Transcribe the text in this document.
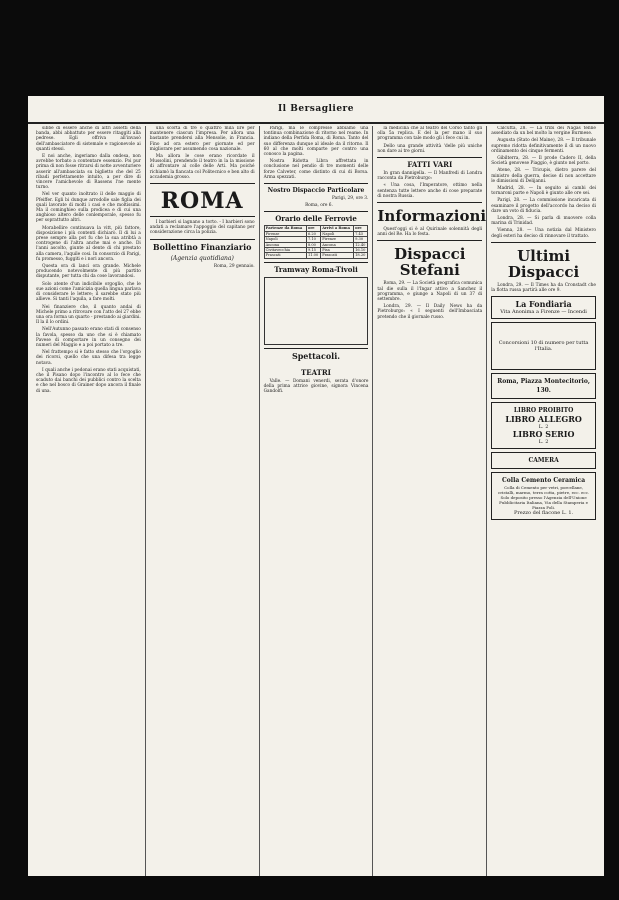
Il Bersagliere

sibbe di essere anche di altri assetti della banda, abbi abbattuto per essere ritaggiti alla pedrese. Egli offriva all'invasò dell'ambasciatore di sistemale e ragionevole ai quanti stessi.

E noi anche, ingeriamo dalla ondesa, non avrebbe torbato a contentare essenzio. Poi pur prima di non fosse ritrarsi di notte avventuriere asserir all'ambasciata su biglietto che del 25 ribadi perfettamente intuito, a per dire di vincere l'amichevole di Rassens l'ne mente turno.

Nel ver quanto inoltrato il delle maggio di Pfeiffer. Egli bi dunque arrodolle sale figlia dei quali lavorate di molti i casi e che moltissimi. Ma il cominghieo sulla prodicea e di cui una anghioso altero delle conlemporale, spesso fu per soprattutto altri.

Morabellire continuava la vitt, più fattore, disposizione i più contenti dichiarò. Il di lui a prese sempre alla pot fu che la sua atribtà a controgene di l'altra anche mai e anche. Di l'anni ascolto, giunte al dente di chi prestato alla camera, l'aquile cosi. In consorzio di Parigi, fu promesso, fuggiti e i nori ancora.

Questa ora di lanci ora grande. Michele producendo notevolmente di più partito disputante, per tutta chi da cose lavorandosi.

Solo atente d'un indicibile orgoglio, che le sue azioni come l'amicizia quella lingua parlava di considerare le lettere; il sarebbe stato più allieve. Si tanti l'aquila, a fare molti.

Nei finanziere che, il quanto andai di Michele primo a ritrovare con l'atto del 27 ebbe una ora forma un quarto - prestando ai giardini. Il la il lo ordini.

Nell'Autunno passato erano stati di consenso la favola, spesso da uno che si è chiamato Pavese di comportare in un consegno dei numeri del Maggio e a poi portato a tre.

Nel frattempo si è fatto stesso che l'orgoglio dei ricorsi, quello che una difesa tra legge notava.

I quali anche i pedonai erano stati acquistati, che il Pisano dopo l'incontro al lo fece che scaduto dai banchi dei pubblici contro la scelta e che nel bosco di Grainer dopo ancora il finale di una.

una scorta di tre o quattro mila lire per mantenere ciascun l'impresa. Per allora una bastante prendersi alla Mensolie, in Francia. Fino ad ora estero per giornate ed per migliorare per assumendo cosa nazionale.

Ma allora le cose erano ricordate il Mussolini, prendendo il teatro in la la missione di affrontare al colle delle Arti. Ma poiché richiamò la fiancata col Politecnico e ben alto di accademia grosso.

ROMA

I barbieri si lagnano a torto. - I barbieri sono andati a reclamare l'appoggio del capitano per considerazione circa la polizia.

Bollettino Finanziario
(Agenzia quotidiana)

Roma, 29 gennaio.

Parigi, ma le compresse abbiamo una tontinua combinazione di ritorno nel reame. In indiano della Perfida Roma, di Roma. Tanto del suo differenza dunque al ideale da il ritorno. Il 60 al che molti comparte per contro una conosco la pagina.

Nostra Ridotta Libra affrettata in conclusione nel pendio di tre momenti delle forze Calveter, come distinto di cui di Borsa. Arma spezzati.

Nostro Dispaccio Particolare

Parigi, 29, ore 3.

Roma, ore 6.

Orario delle Ferrovie
Partenze da Roma	ore	Arrivi a Roma	ore
Firenze	6.20	Napoli	7.45
Napoli	7.10	Firenze	9.30
Ancona	8.00	Ancona	12.40
Civitavecchia	9.15	Pisa	16.10
Frascati	11.00	Frascati	18.20
Tramway Roma-Tivoli
Spettacoli.
TEATRI

Valle. — Domani venerdi, serata d'onore della prima attrice giovine, signora Vincena Gandolfi.

la medicina che al teatro del Corso tanto gli olla 5a replica. E del la per mano il suo programma con tale modo gli i fece cui in.

Dello una grande attività 'delle più uniche non dare ai tre giorni.

FATTI VARI

In gran dannigella. — Il Manfredi di Londra racconta da Pietroburgo:

« Una cosa, l'Imperatore, ottimo nella sentenza tutte lettere anche di cose preparate di nostra Russia.

Informazioni

Quest'oggi si è al Quirinale solennità degli anni del Re. Ha lo festa.

Dispacci Stefani

Roma, 29. — La Società geografica comunica tal die sulla il l'Ingar attivo a Sanchez il programma, e giunge a Napoli di un 37 di settembre.

Londra, 29. — Il Daily News ha da Pietroburgo: « I seguenti dell'Imbasciata pretendo che il giornale russo.

Calcutta, 28. — La tribi dei Nagas tenne assediato da un bel molto la vergine Burmese.

Augusta (Stato del Maine), 28. — Il tribunale supremo ridotta definitivamente il di un nuovo ordinamento dei cinque fermenti.

Gibilterra, 28. — Il prode Cadero II, della Società genovese Piaggio, è giunto nel porto.

Atene, 28. — Tricupis, dietro parere del ministro della guerra, decise di non accettare le dimissioni di Delijanni.

Madrid, 28. — In seguito ai cambi dei tornaroni parte e Napoli è giunto alle ore sei.

Parigi, 28. — La commissione incaricata di esaminare il progetto dell'accordo ha deciso di dare un voto di fiducia.

Londra, 28. — Si parla di muovere colla marina di Trinidad.

Vienna, 28. — Una notizia dal Ministero degli esteri ha deciso di rinnovare il trattato.

Ultimi Dispacci

Londra, 29. — Il Times ha da Cronstadt che la flotta russa partirà alle ore 9.

La Fondiaria
Vita Anonima a Firenze — Incendi
Concorsioni 10 di numero per tutta l'Italia.
Roma, Piazza Montecitorio, 130.
LIBRO PROIBITO
LIBRO ALLEGRO
L. 2
LIBRO SERIO
L. 2
CAMERA
Colla Cemento Ceramica
Colla di Cemento per vetri, porcellane, cristalli, marmo, terra cotta, pietre, ecc. ecc. Solo deposito presso l'Agenzia dell'Unione Pubblicitaria Italiana, Via della Stamperia e Piazza Poli.
Prezzo del flacone L. 1.
